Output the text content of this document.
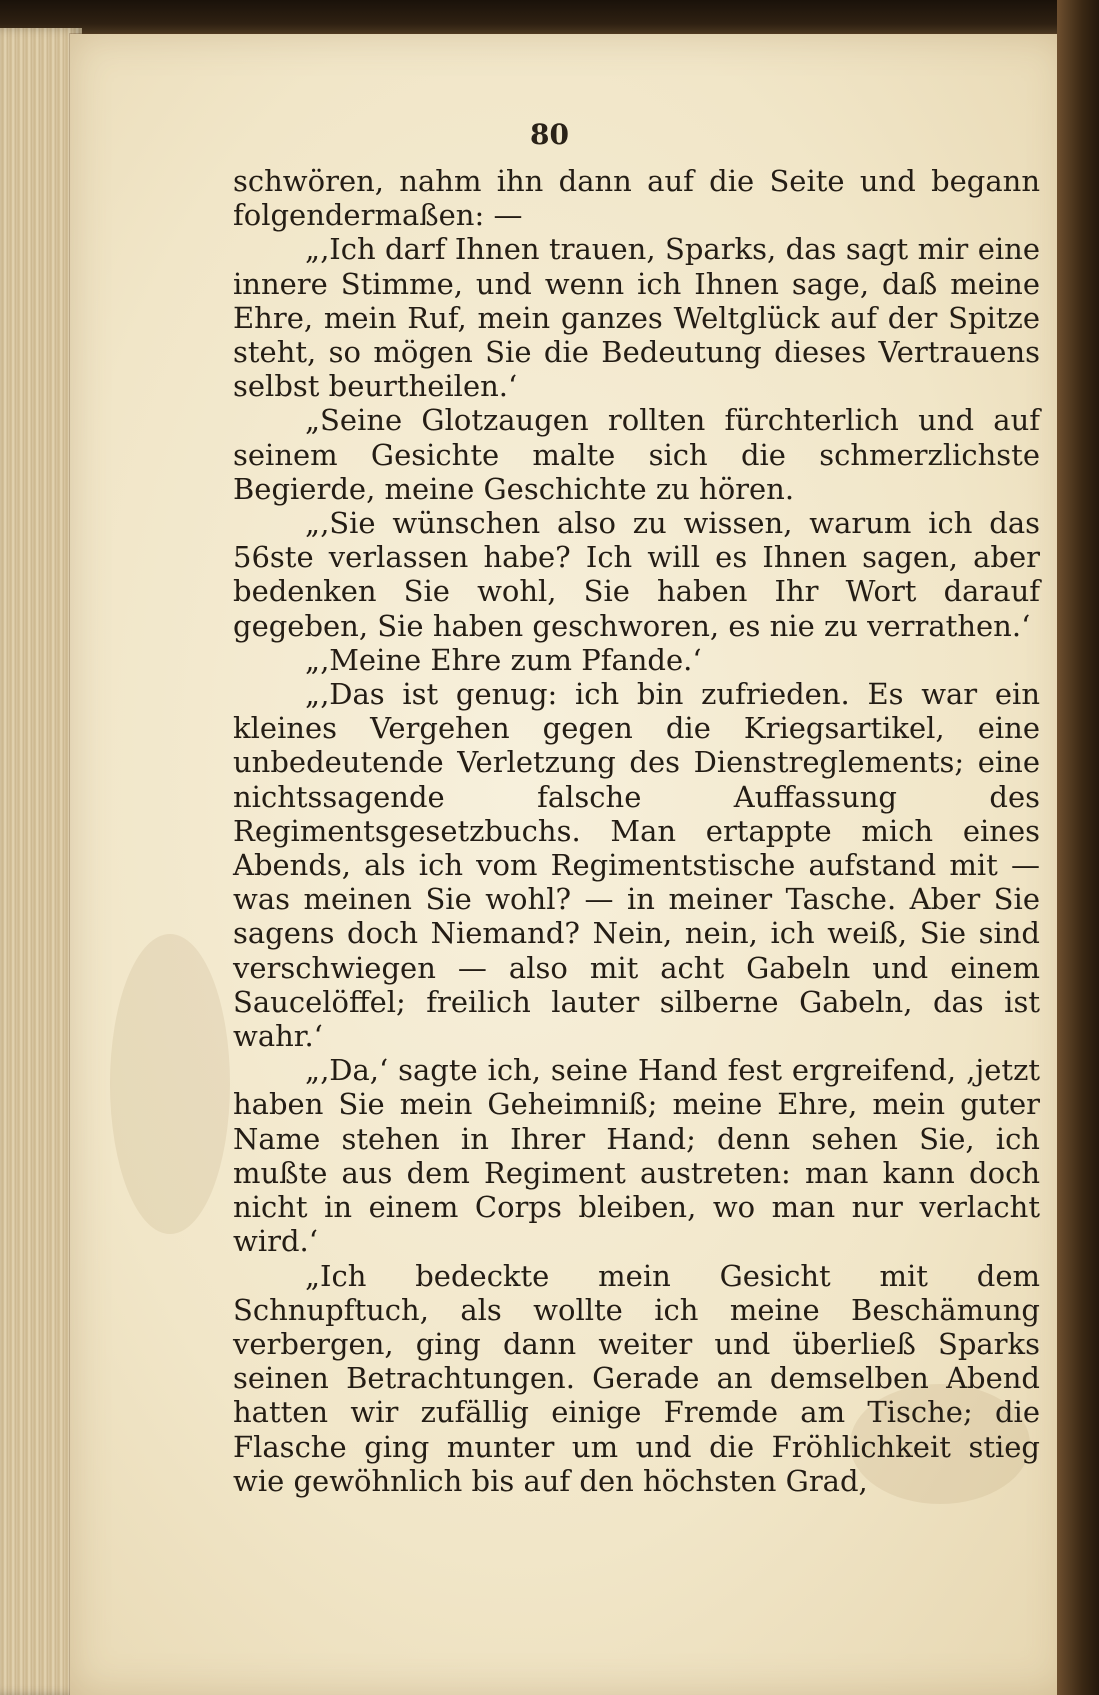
80

schwören, nahm ihn dann auf die Seite und begann folgendermaßen: —

„‚Ich darf Ihnen trauen, Sparks, das sagt mir eine innere Stimme, und wenn ich Ihnen sage, daß meine Ehre, mein Ruf, mein ganzes Weltglück auf der Spitze steht, so mögen Sie die Bedeutung dieses Vertrauens selbst beurtheilen.‘

„Seine Glotzaugen rollten fürchterlich und auf seinem Gesichte malte sich die schmerzlichste Begierde, meine Geschichte zu hören.

„‚Sie wünschen also zu wissen, warum ich das 56ste verlassen habe? Ich will es Ihnen sagen, aber bedenken Sie wohl, Sie haben Ihr Wort darauf gegeben, Sie haben geschworen, es nie zu verrathen.‘

„‚Meine Ehre zum Pfande.‘

„‚Das ist genug: ich bin zufrieden. Es war ein kleines Vergehen gegen die Kriegsartikel, eine unbedeutende Verletzung des Dienstreglements; eine nichtssagende falsche Auffassung des Regimentsgesetzbuchs. Man ertappte mich eines Abends, als ich vom Regimentstische aufstand mit — was meinen Sie wohl? — in meiner Tasche. Aber Sie sagens doch Niemand? Nein, nein, ich weiß, Sie sind verschwiegen — also mit acht Gabeln und einem Saucelöffel; freilich lauter silberne Gabeln, das ist wahr.‘

„‚Da,‘ sagte ich, seine Hand fest ergreifend, ‚jetzt haben Sie mein Geheimniß; meine Ehre, mein guter Name stehen in Ihrer Hand; denn sehen Sie, ich mußte aus dem Regiment austreten: man kann doch nicht in einem Corps bleiben, wo man nur verlacht wird.‘

„Ich bedeckte mein Gesicht mit dem Schnupftuch, als wollte ich meine Beschämung verbergen, ging dann weiter und überließ Sparks seinen Betrachtungen. Gerade an demselben Abend hatten wir zufällig einige Fremde am Tische; die Flasche ging munter um und die Fröhlichkeit stieg wie gewöhnlich bis auf den höchsten Grad,
